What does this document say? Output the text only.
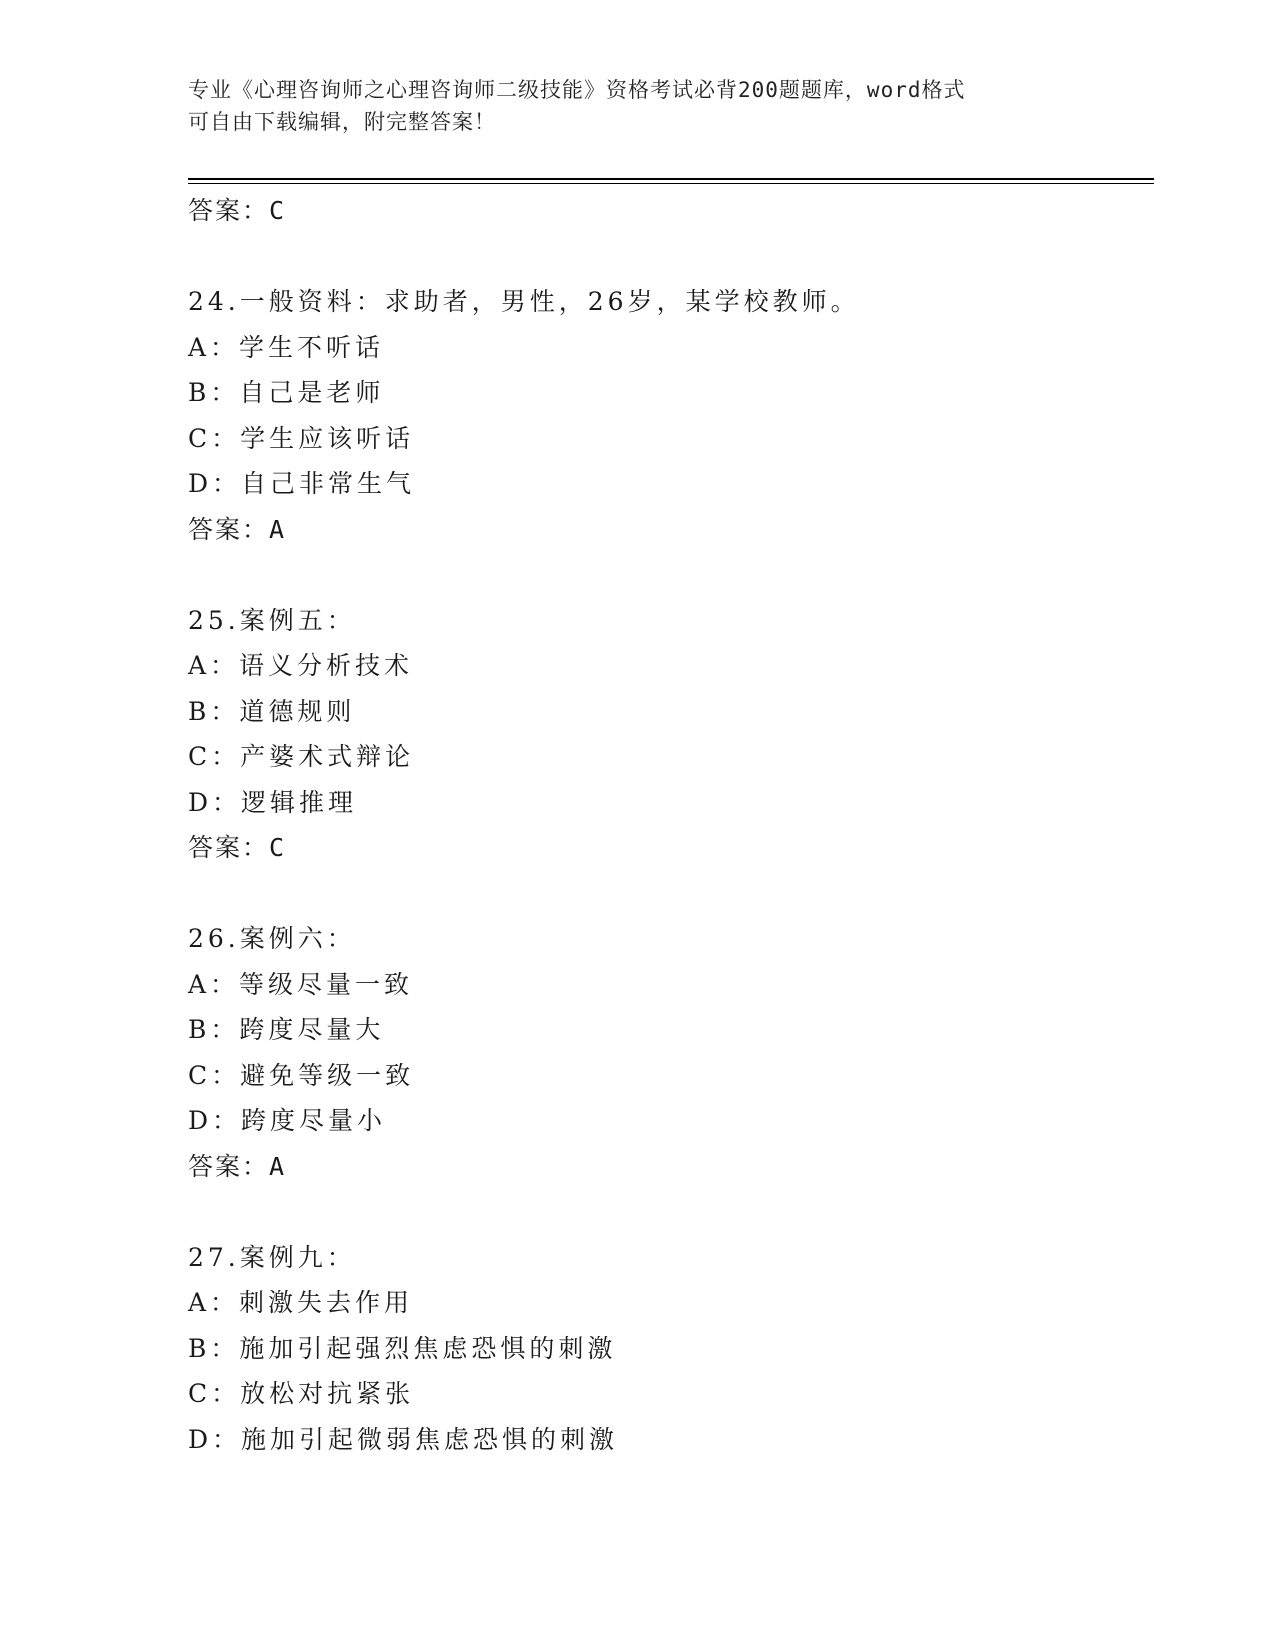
专业《心理咨询师之心理咨询师二级技能》资格考试必背200题题库，word格式
可自由下载编辑，附完整答案！
答案：C
24.一般资料：求助者，男性，26岁，某学校教师。
A：学生不听话
B：自己是老师
C：学生应该听话
D：自己非常生气
答案：A
25.案例五：
A：语义分析技术
B：道德规则
C：产婆术式辩论
D：逻辑推理
答案：C
26.案例六：
A：等级尽量一致
B：跨度尽量大
C：避免等级一致
D：跨度尽量小
答案：A
27.案例九：
A：刺激失去作用
B：施加引起强烈焦虑恐惧的刺激
C：放松对抗紧张
D：施加引起微弱焦虑恐惧的刺激
